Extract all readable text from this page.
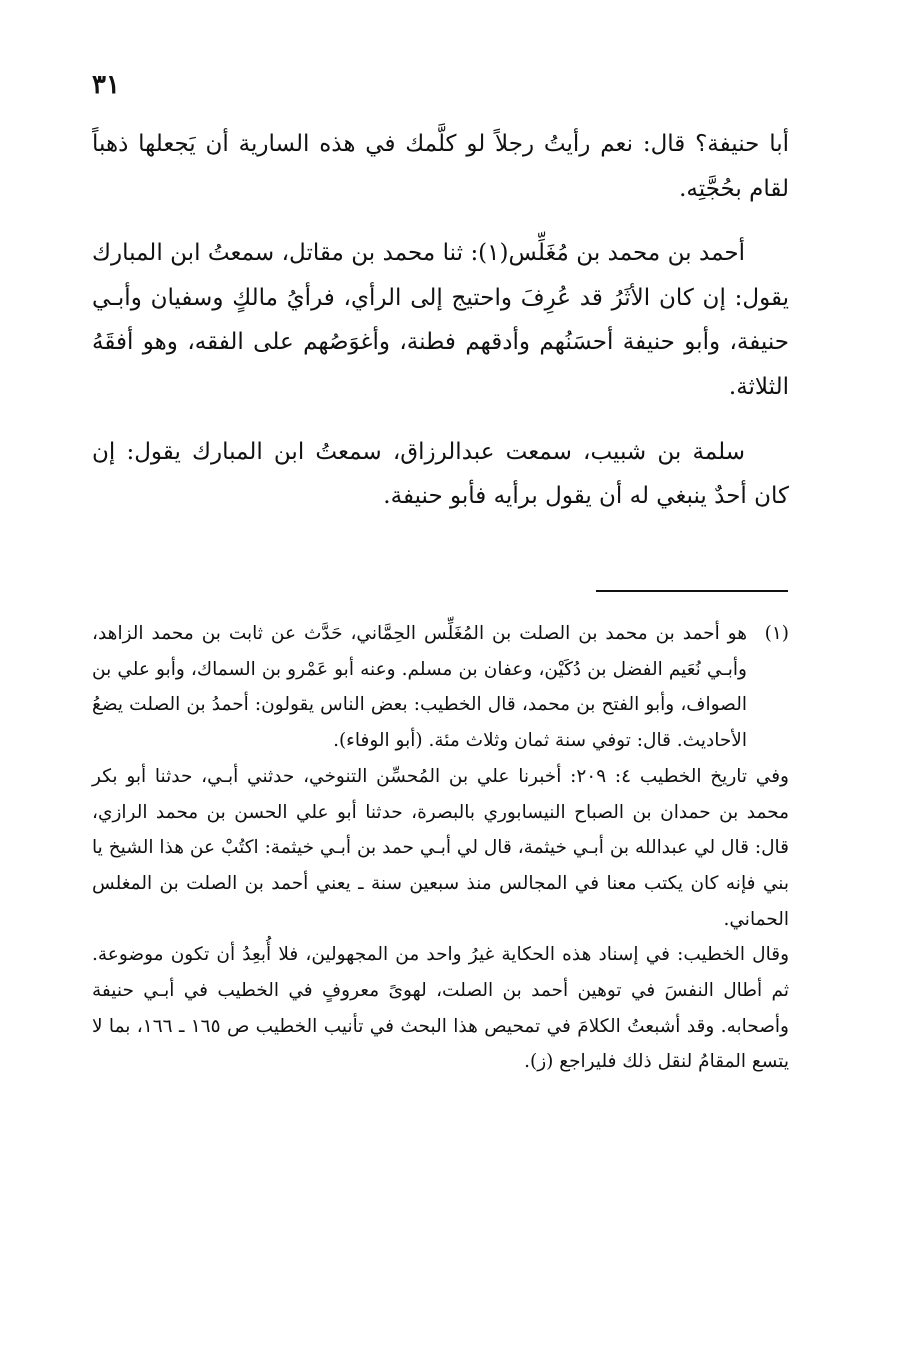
٣١

أبا حنيفة؟ قال: نعم رأيتُ رجلاً لو كلَّمك في هذه السارية أن يَجعلها ذهباً لقام بحُجَّتِه.

أحمد بن محمد بن مُغَلِّس(١): ثنا محمد بن مقاتل، سمعتُ ابن المبارك يقول: إن كان الأثَرُ قد عُرِفَ واحتيج إلى الرأي، فرأيُ مالكٍ وسفيان وأبـي حنيفة، وأبو حنيفة أحسَنُهم وأدقهم فطنة، وأغوَصُهم على الفقه، وهو أفقَهُ الثلاثة.

سلمة بن شبيب، سمعت عبدالرزاق، سمعتُ ابن المبارك يقول: إن كان أحدٌ ينبغي له أن يقول برأيه فأبو حنيفة.

(١)
هو أحمد بن محمد بن الصلت بن المُغَلِّس الحِمَّاني، حَدَّث عن ثابت بن محمد الزاهد، وأبـي نُعَيم الفضل بن دُكَيْن، وعفان بن مسلم. وعنه أبو عَمْرو بن السماك، وأبو علي بن الصواف، وأبو الفتح بن محمد، قال الخطيب: بعض الناس يقولون: أحمدُ بن الصلت يضعُ الأحاديث. قال: توفي سنة ثمان وثلاث مئة. (أبو الوفاء).

وفي تاريخ الخطيب ٤: ٢٠٩: أخبرنا علي بن المُحسِّن التنوخي، حدثني أبـي، حدثنا أبو بكر محمد بن حمدان بن الصباح النيسابوري بالبصرة، حدثنا أبو علي الحسن بن محمد الرازي، قال: قال لي عبدالله بن أبـي خيثمة، قال لي أبـي حمد بن أبـي خيثمة: اكتُبْ عن هذا الشيخ يا بني فإنه كان يكتب معنا في المجالس منذ سبعين سنة ـ يعني أحمد بن الصلت بن المغلس الحماني.

وقال الخطيب: في إسناد هذه الحكاية غيرُ واحد من المجهولين، فلا أُبعِدُ أن تكون موضوعة. ثم أطال النفسَ في توهين أحمد بن الصلت، لهوىً معروفٍ في الخطيب في أبـي حنيفة وأصحابه. وقد أشبعتُ الكلامَ في تمحيص هذا البحث في تأنيب الخطيب ص ١٦٥ ـ ١٦٦، بما لا يتسع المقامُ لنقل ذلك فليراجع (ز).
